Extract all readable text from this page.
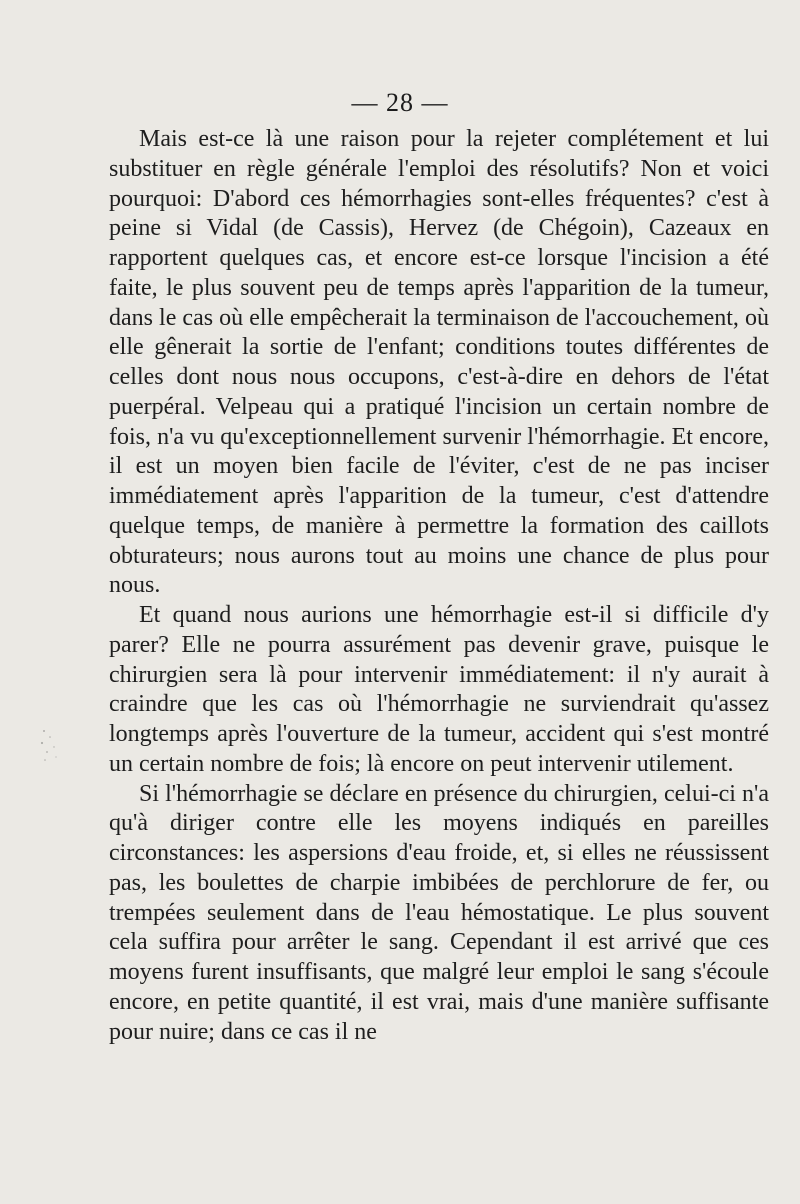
— 28 —

Mais est-ce là une raison pour la rejeter complétement et lui substituer en règle générale l'emploi des résolutifs? Non et voici pourquoi: D'abord ces hémorrhagies sont-elles fréquentes? c'est à peine si Vidal (de Cassis), Hervez (de Chégoin), Cazeaux en rapportent quelques cas, et encore est-ce lorsque l'incision a été faite, le plus souvent peu de temps après l'apparition de la tumeur, dans le cas où elle empêcherait la terminaison de l'accouchement, où elle gênerait la sortie de l'enfant; conditions toutes différentes de celles dont nous nous occupons, c'est-à-dire en dehors de l'état puerpéral. Velpeau qui a pratiqué l'incision un certain nombre de fois, n'a vu qu'exceptionnellement survenir l'hémorrhagie. Et encore, il est un moyen bien facile de l'éviter, c'est de ne pas inciser immédiatement après l'apparition de la tumeur, c'est d'attendre quelque temps, de manière à permettre la formation des caillots obturateurs; nous aurons tout au moins une chance de plus pour nous.

Et quand nous aurions une hémorrhagie est-il si difficile d'y parer? Elle ne pourra assurément pas devenir grave, puisque le chirurgien sera là pour intervenir immédiatement: il n'y aurait à craindre que les cas où l'hémorrhagie ne surviendrait qu'assez longtemps après l'ouverture de la tumeur, accident qui s'est montré un certain nombre de fois; là encore on peut intervenir utilement.

Si l'hémorrhagie se déclare en présence du chirurgien, celui-ci n'a qu'à diriger contre elle les moyens indiqués en pareilles circonstances: les aspersions d'eau froide, et, si elles ne réussissent pas, les boulettes de charpie imbibées de perchlorure de fer, ou trempées seulement dans de l'eau hémostatique. Le plus souvent cela suffira pour arrêter le sang. Cependant il est arrivé que ces moyens furent insuffisants, que malgré leur emploi le sang s'écoule encore, en petite quantité, il est vrai, mais d'une manière suffisante pour nuire; dans ce cas il ne
